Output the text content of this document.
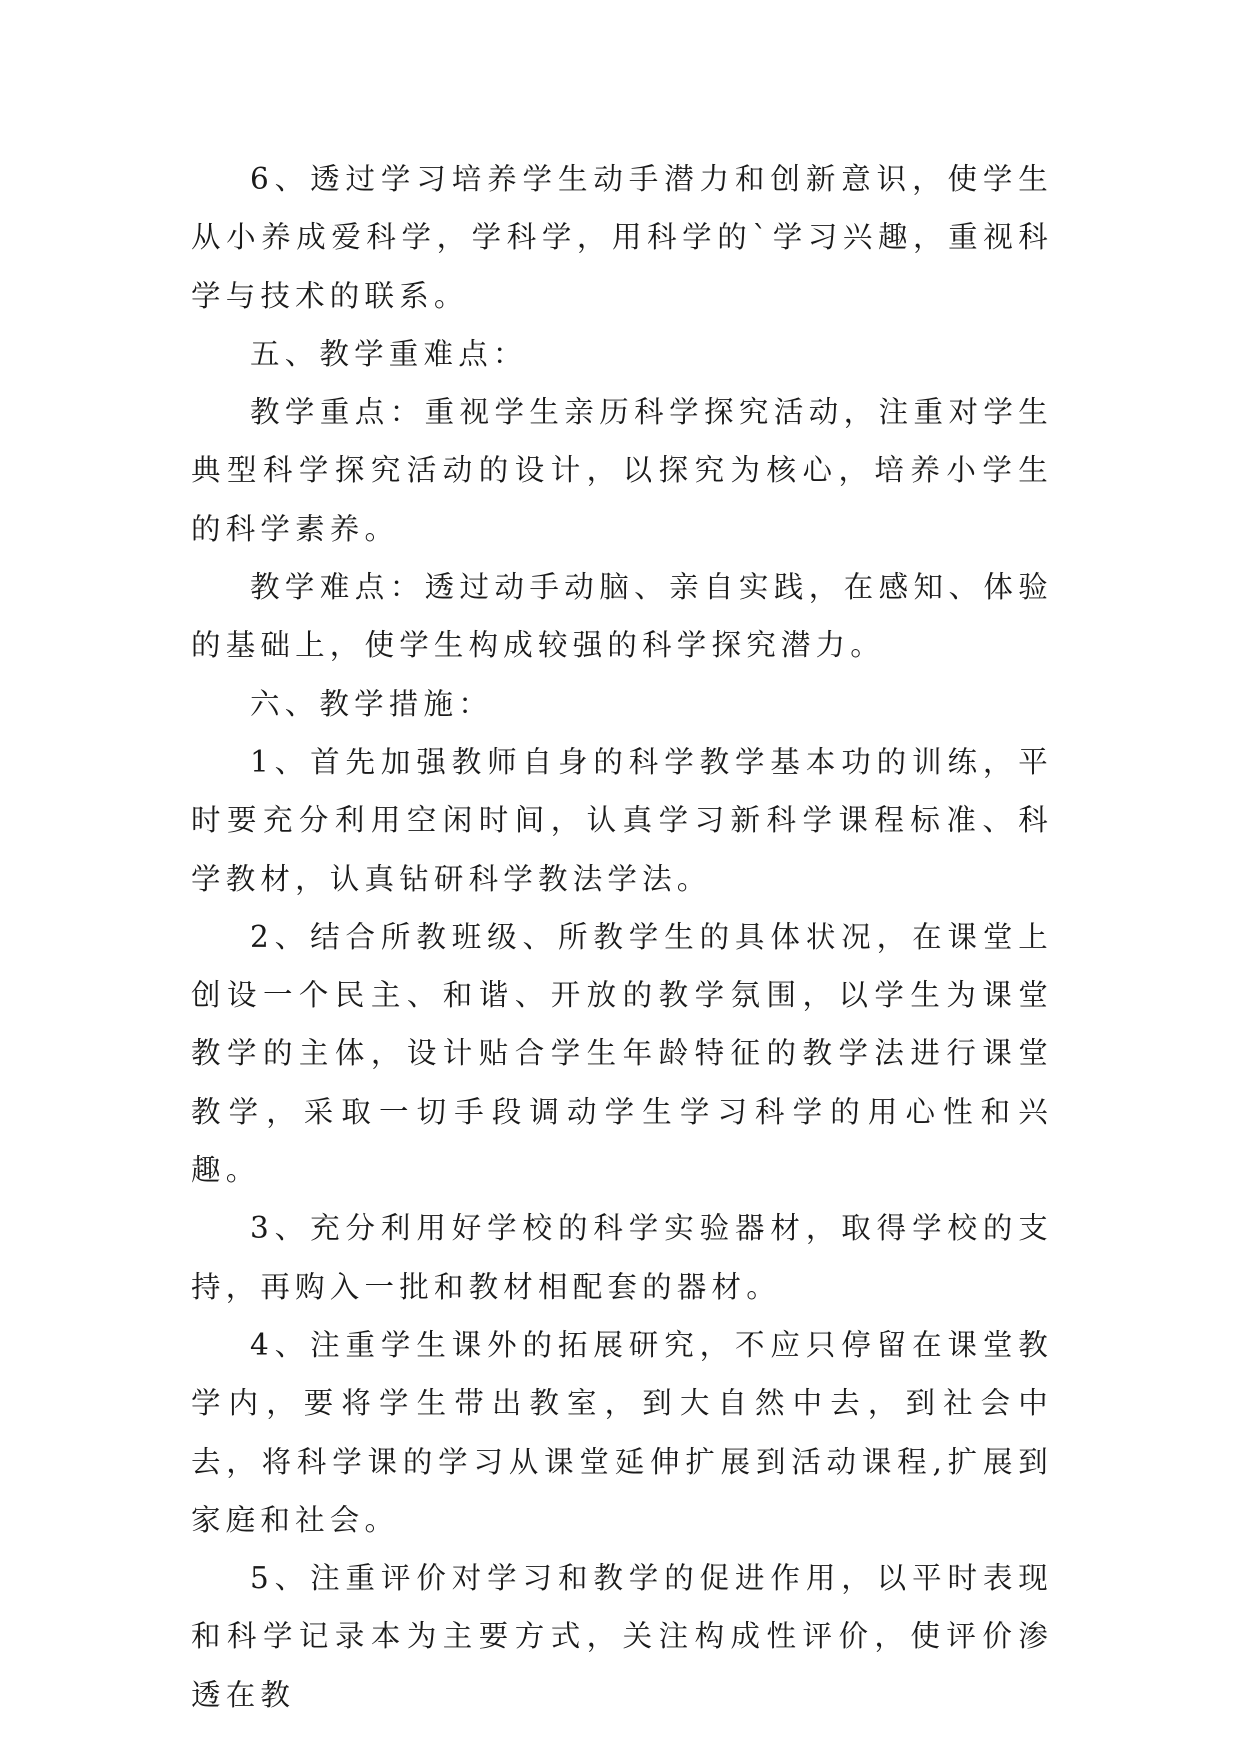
6、透过学习培养学生动手潜力和创新意识，使学生从小养成爱科学，学科学，用科学的`学习兴趣，重视科学与技术的联系。

五、教学重难点：

教学重点：重视学生亲历科学探究活动，注重对学生典型科学探究活动的设计，以探究为核心，培养小学生的科学素养。

教学难点：透过动手动脑、亲自实践，在感知、体验的基础上，使学生构成较强的科学探究潜力。

六、教学措施：

1、首先加强教师自身的科学教学基本功的训练，平时要充分利用空闲时间，认真学习新科学课程标准、科学教材，认真钻研科学教法学法。

2、结合所教班级、所教学生的具体状况，在课堂上创设一个民主、和谐、开放的教学氛围，以学生为课堂教学的主体，设计贴合学生年龄特征的教学法进行课堂教学，采取一切手段调动学生学习科学的用心性和兴趣。

3、充分利用好学校的科学实验器材，取得学校的支持，再购入一批和教材相配套的器材。

4、注重学生课外的拓展研究，不应只停留在课堂教学内，要将学生带出教室，到大自然中去，到社会中去，将科学课的学习从课堂延伸扩展到活动课程,扩展到家庭和社会。

5、注重评价对学习和教学的促进作用，以平时表现和科学记录本为主要方式，关注构成性评价，使评价渗透在教
